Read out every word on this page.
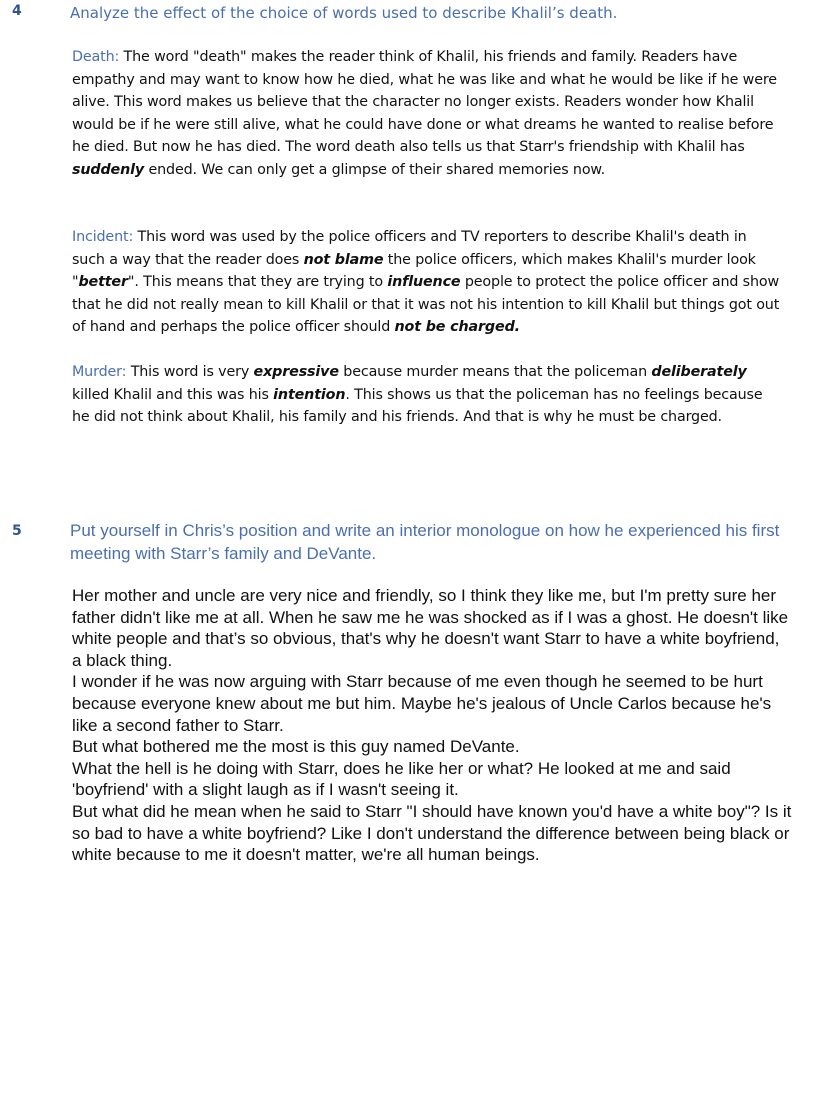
4	Analyze the effect of the choice of words used to describe Khalil’s death.
Death: The word "death" makes the reader think of Khalil, his friends and family. Readers have empathy and may want to know how he died, what he was like and what he would be like if he were alive. This word makes us believe that the character no longer exists. Readers wonder how Khalil would be if he were still alive, what he could have done or what dreams he wanted to realise before he died. But now he has died. The word death also tells us that Starr's friendship with Khalil has suddenly ended. We can only get a glimpse of their shared memories now.
Incident: This word was used by the police officers and TV reporters to describe Khalil's death in such a way that the reader does not blame the police officers, which makes Khalil's murder look "better". This means that they are trying to influence people to protect the police officer and show that he did not really mean to kill Khalil or that it was not his intention to kill Khalil but things got out of hand and perhaps the police officer should not be charged.
Murder: This word is very expressive because murder means that the policeman deliberately killed Khalil and this was his intention. This shows us that the policeman has no feelings because he did not think about Khalil, his family and his friends. And that is why he must be charged.
5	Put yourself in Chris’s position and write an interior monologue on how he experienced his first meeting with Starr’s family and DeVante.

Her mother and uncle are very nice and friendly, so I think they like me, but I'm pretty sure her father didn't like me at all. When he saw me he was shocked as if I was a ghost. He doesn't like white people and that’s so obvious, that's why he doesn't want Starr to have a white boyfriend, a black thing.

I wonder if he was now arguing with Starr because of me even though he seemed to be hurt because everyone knew about me but him. Maybe he's jealous of Uncle Carlos because he's like a second father to Starr.

But what bothered me the most is this guy named DeVante.

What the hell is he doing with Starr, does he like her or what? He looked at me and said 'boyfriend' with a slight laugh as if I wasn't seeing it.

But what did he mean when he said to Starr "I should have known you'd have a white boy"? Is it so bad to have a white boyfriend? Like I don't understand the difference between being black or white because to me it doesn't matter, we're all human beings.
